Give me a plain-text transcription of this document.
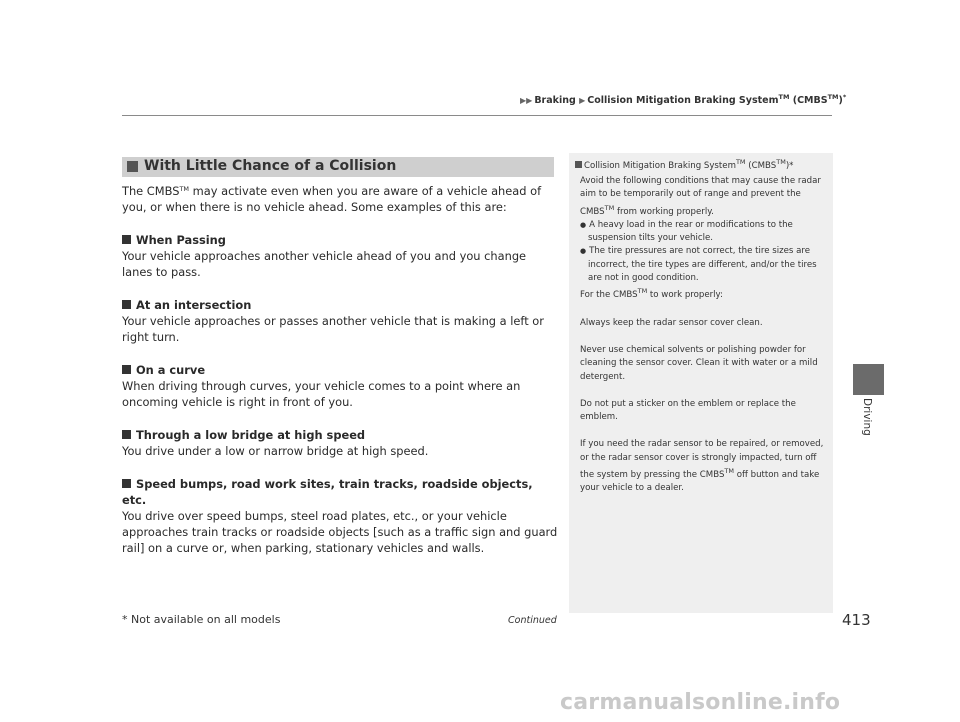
▶▶ Braking ▶ Collision Mitigation Braking System™ (CMBS™)*
Driving
With Little Chance of a Collision

The CMBS™ may activate even when you are aware of a vehicle ahead of you, or when there is no vehicle ahead. Some examples of this are:

When Passing

Your vehicle approaches another vehicle ahead of you and you change lanes to pass.

At an intersection

Your vehicle approaches or passes another vehicle that is making a left or right turn.

On a curve

When driving through curves, your vehicle comes to a point where an oncoming vehicle is right in front of you.

Through a low bridge at high speed

You drive under a low or narrow bridge at high speed.

Speed bumps, road work sites, train tracks, roadside objects, etc.

You drive over speed bumps, steel road plates, etc., or your vehicle approaches train tracks or roadside objects [such as a traffic sign and guard rail] on a curve or, when parking, stationary vehicles and walls.

Collision Mitigation Braking System™ (CMBS™)*

Avoid the following conditions that may cause the radar aim to be temporarily out of range and prevent the CMBS™ from working properly.

● A heavy load in the rear or modifications to the suspension tilts your vehicle.

● The tire pressures are not correct, the tire sizes are incorrect, the tire types are different, and/or the tires are not in good condition.

For the CMBS™ to work properly:

Always keep the radar sensor cover clean.

Never use chemical solvents or polishing powder for cleaning the sensor cover. Clean it with water or a mild detergent.

Do not put a sticker on the emblem or replace the emblem.

If you need the radar sensor to be repaired, or removed, or the radar sensor cover is strongly impacted, turn off the system by pressing the CMBS™ off button and take your vehicle to a dealer.

* Not available on all models	Continued	413
carmanualsonline.info
